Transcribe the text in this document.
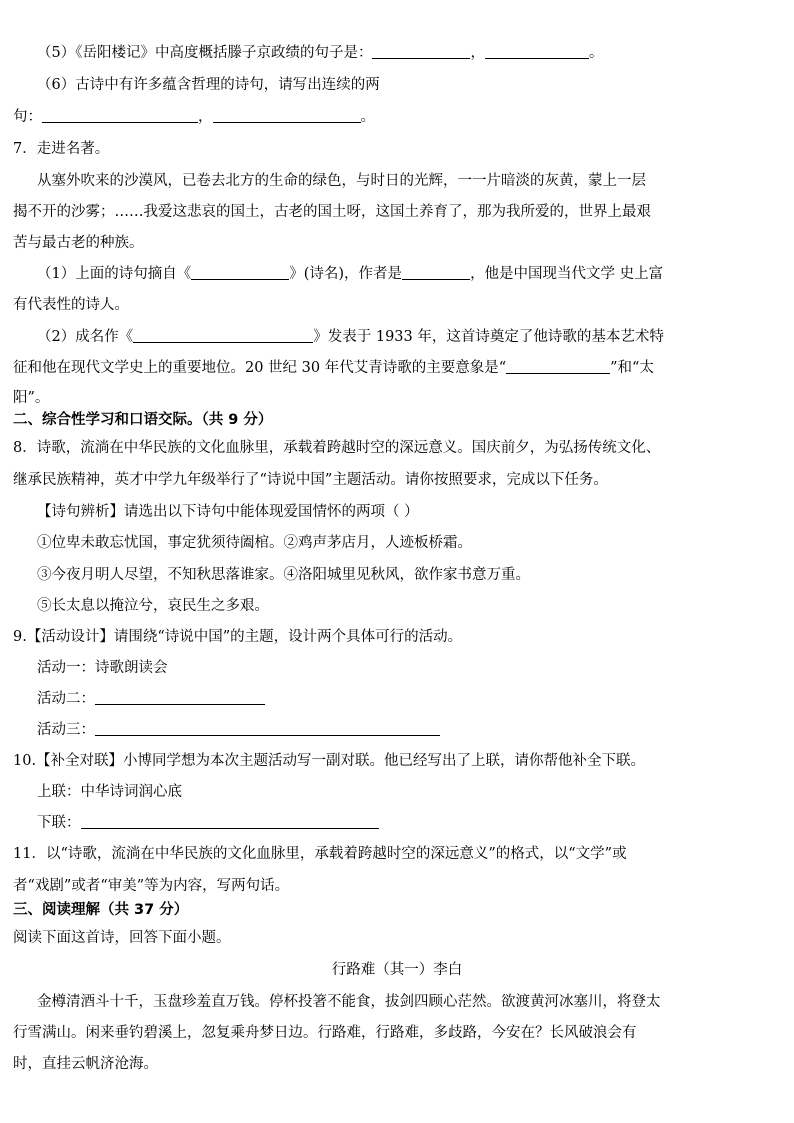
（5）《岳阳楼记》中高度概括滕子京政绩的句子是：	，	。
（6）古诗中有许多蕴含哲理的诗句，请写出连续的两
句：	，	。
7．走进名著。
从塞外吹来的沙漠风，已卷去北方的生命的绿色，与时日的光辉，一一片暗淡的灰黄，蒙上一层
揭不开的沙雾；……我爱这悲哀的国土，古老的国土呀，这国土养育了，那为我所爱的，世界上最艰
苦与最古老的种族。
（1）上面的诗句摘自《	》(诗名)，作者是	，他是中国现当代文学 史上富
有代表性的诗人。
（2）成名作《	》发表于 1933 年，这首诗奠定了他诗歌的基本艺术特
征和他在现代文学史上的重要地位。20 世纪 30 年代艾青诗歌的主要意象是“	”和“太
阳”。
二、综合性学习和口语交际。（共 9 分）
8．诗歌，流淌在中华民族的文化血脉里，承载着跨越时空的深远意义。国庆前夕，为弘扬传统文化、
继承民族精神，英才中学九年级举行了“诗说中国”主题活动。请你按照要求，完成以下任务。
【诗句辨析】请选出以下诗句中能体现爱国情怀的两项（ ）
①位卑未敢忘忧国，事定犹须待阖棺。②鸡声茅店月，人迹板桥霜。
③今夜月明人尽望，不知秋思落谁家。④洛阳城里见秋风，欲作家书意万重。
⑤长太息以掩泣兮，哀民生之多艰。
9.【活动设计】请围绕“诗说中国”的主题，设计两个具体可行的活动。
活动一：诗歌朗读会
活动二：
活动三：
10.【补全对联】小博同学想为本次主题活动写一副对联。他已经写出了上联，请你帮他补全下联。
上联：中华诗词润心底
下联：
11．以“诗歌，流淌在中华民族的文化血脉里，承载着跨越时空的深远意义”的格式，以“文学”或
者“戏剧”或者“审美”等为内容，写两句话。
三、阅读理解（共 37 分）
阅读下面这首诗，回答下面小题。
行路难（其一）李白
金樽清酒斗十千，玉盘珍羞直万钱。停杯投箸不能食，拔剑四顾心茫然。欲渡黄河冰塞川，将登太
行雪满山。闲来垂钓碧溪上，忽复乘舟梦日边。行路难，行路难，多歧路，今安在？长风破浪会有
时，直挂云帆济沧海。
